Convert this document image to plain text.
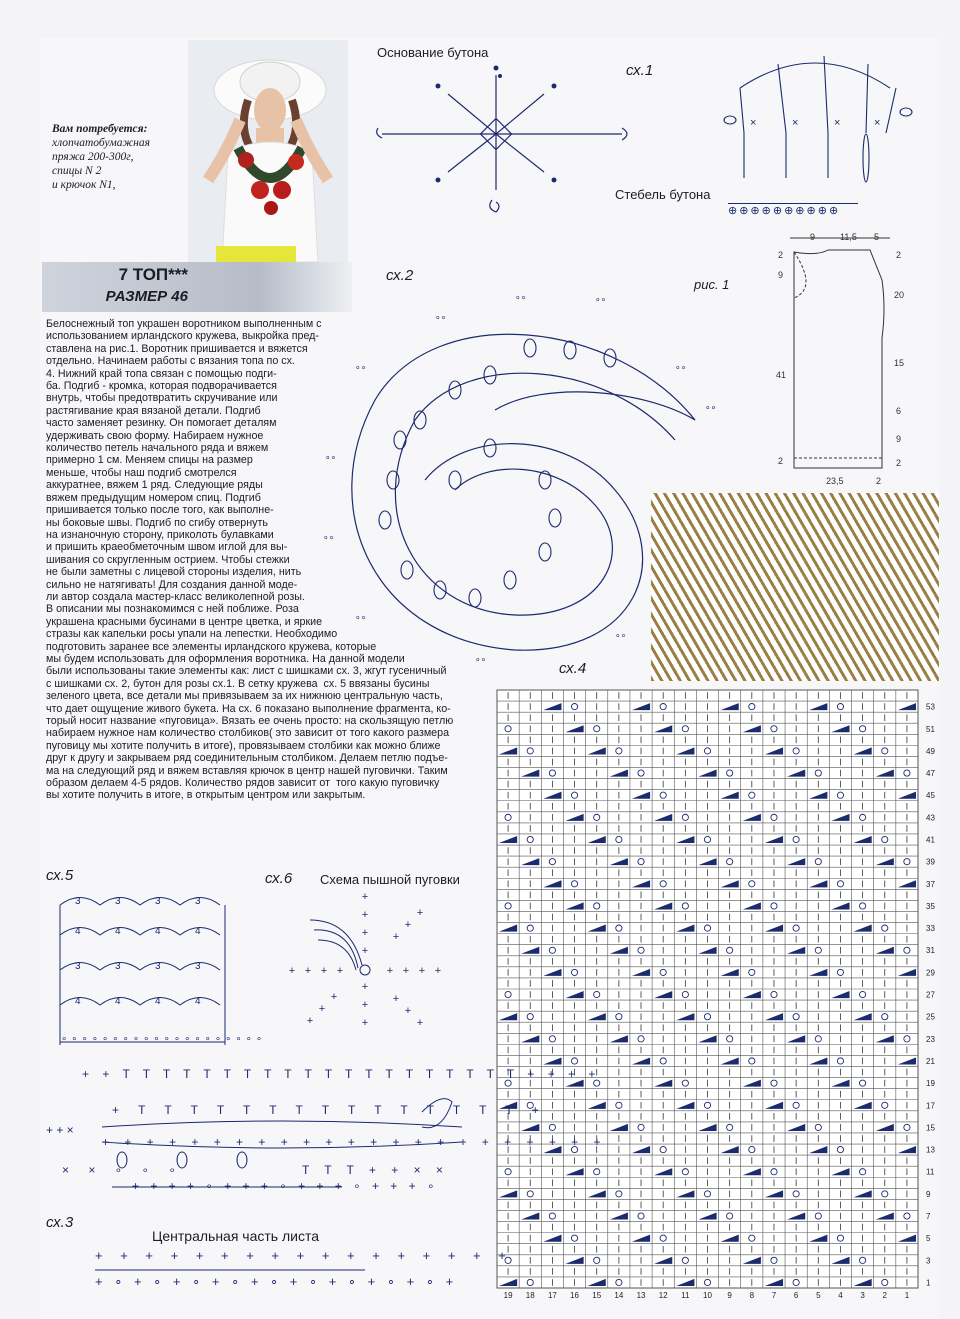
Вам потребуется:
хлопчатобумажная
пряжа 200-300г,
спицы N 2
и крючок N1,
7 ТОП***
РАЗМЕР 46
Белоснежный топ украшен воротником выполненным с
использованием ирландского кружева, выкройка пред-
ставлена на рис.1. Воротник пришивается и вяжется
отдельно. Начинаем работы с вязания топа по сх.
4. Нижний край топа связан с помощью подги-
ба. Подгиб - кромка, которая подворачивается
внутрь, чтобы предотвратить скручивание или
растягивание края вязаной детали. Подгиб
часто заменяет резинку. Он помогает деталям
удерживать свою форму. Набираем нужное
количество петель начального ряда и вяжем
примерно 1 см. Меняем спицы на размер
меньше, чтобы наш подгиб смотрелся
аккуратнее, вяжем 1 ряд. Следующие ряды
вяжем предыдущим номером спиц. Подгиб
пришивается только после того, как выполне-
ны боковые швы. Подгиб по сгибу отвернуть
на изнаночную сторону, приколоть булавками
и пришить краеобметочным швом иглой для вы-
шивания со скругленным острием. Чтобы стежки
не были заметны с лицевой стороны изделия, нить
сильно не натягивать! Для создания данной моде-
ли автор создала мастер-класс великолепной розы.
В описании мы познакомимся с ней поближе. Роза
украшена красными бусинами в центре цветка, и яркие
стразы как капельки росы упали на лепестки. Необходимо
подготовить заранее все элементы ирландского кружева, которые
мы будем использовать для оформления воротника. На данной модели
были использованы такие элементы как: лист с шишками сх. 3, жгут гусеничный
с шишками сх. 2, бутон для розы сх.1. В сетку кружева  сх. 5 ввязаны бусины
зеленого цвета, все детали мы привязываем за их нижнюю центральную часть,
что дает ощущение живого букета. На сх. 6 показано выполнение фрагмента, ко-
торый носит название «пуговица». Вязать ее очень просто: на скользящую петлю
набираем нужное нам количество столбиков( это зависит от того какого размера
пуговицу мы хотите получить в итоге), провязываем столбики как можно ближе
друг к другу и закрываем ряд соединительным столбиком. Делаем петлю подъе-
ма на следующий ряд и вяжем вставляя крючок в центр нашей пуговички. Таким
образом делаем 4-5 рядов. Количество рядов зависит от  того какую пуговичку
вы хотите получить в итоге, в открытым центром или закрытым.
Основание бутона
сх.1
×	×	×	×
Стебель бутона
⊕⊕⊕⊕⊕⊕⊕⊕⊕⊕
сх.2
∘∘
∘∘	∘∘
∘∘
∘∘
∘∘
∘∘
∘∘
∘∘
∘∘
∘∘
рис. 1
9	11,5 5
2
9
41
2
2
20
15
6
9
2
23,5	2
сх.4
53
51
49
47
45
43
41
39
37
35
33
31
29
27
25
23
21
19
17
15
13
11
9
7
5
3
1
19 18 17 16 15 14 13 12 11 10 9 8 7 6 5 4 3 2 1
сх.5
3	3	3	3
4	4	4	4
3	3	3	3
4	4	4	4
∘∘∘∘∘∘∘∘∘∘∘∘∘∘∘∘∘∘∘∘
сх.6 Схема пышной пуговки
+
+
+
+
+
+
+
+ + + +	+ + + +
+
+
+
+
+
+
+
+
+
+ + T T T T T T T T T T T T T T T T T T T T + + + +
+ T T T T T T T T T T T T T T T +
+ + + + + + + + + + + + + + + + + + + + + + +
+ + ×
× × ∘ ∘ ∘	T T T + + × ×
+ + + + ∘ + + + ∘ + + + ∘ + + + ∘
сх.3
Центральная часть листа
+ + + + + + + + + + + + + + + + +
+ ∘ + ∘ + ∘ + ∘ + ∘ + ∘ + ∘ + ∘ + ∘ +
